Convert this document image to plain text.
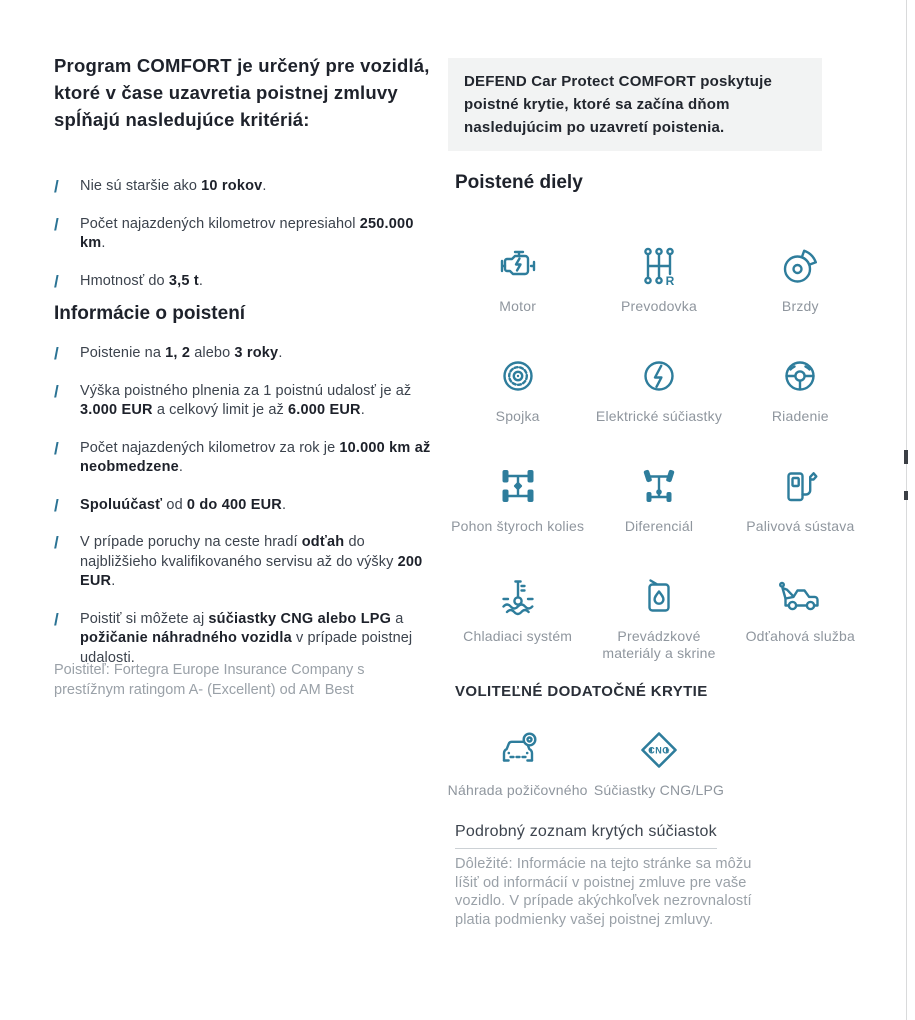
Program COMFORT je určený pre vozidlá, ktoré v čase uzavretia poistnej zmluvy spĺňajú nasledujúce kritériá:
/	Nie sú staršie ako 10 rokov.
/	Počet najazdených kilometrov nepresiahol 250.000 km.
/	Hmotnosť do 3,5 t.
Informácie o poistení
/	Poistenie na 1, 2 alebo 3 roky.
/	Výška poistného plnenia za 1 poistnú udalosť je až 3.000 EUR a celkový limit je až 6.000 EUR.
/	Počet najazdených kilometrov za rok je 10.000 km až neobmedzene.
/	Spoluúčasť od 0 do 400 EUR.
/	V prípade poruchy na ceste hradí odťah do najbližšieho kvalifikovaného servisu až do výšky 200 EUR.
/	Poistiť si môžete aj súčiastky CNG alebo LPG a požičanie náhradného vozidla v prípade poistnej udalosti.

Poistiteľ: Fortegra Europe Insurance Company s prestížnym ratingom A- (Excellent) od AM Best

DEFEND Car Protect COMFORT poskytuje poistné krytie, ktoré sa začína dňom nasledujúcim po uzavretí poistenia.
Poistené diely
Motor
R
Prevodovka	Brzdy
Spojka	Elektrické súčiastky	Riadenie
Pohon štyroch kolies	Diferenciál	Palivová sústava
Chladiaci systém	Prevádzkové materiály a skrine
Odťahová služba
VOLITEĽNÉ DODATOČNÉ KRYTIE
Náhrada požičovného
CNG
Súčiastky CNG/LPG
Podrobný zoznam krytých súčiastok

Dôležité: Informácie na tejto stránke sa môžu líšiť od informácií v poistnej zmluve pre vaše vozidlo. V prípade akýchkoľvek nezrovnalostí platia podmienky vašej poistnej zmluvy.
